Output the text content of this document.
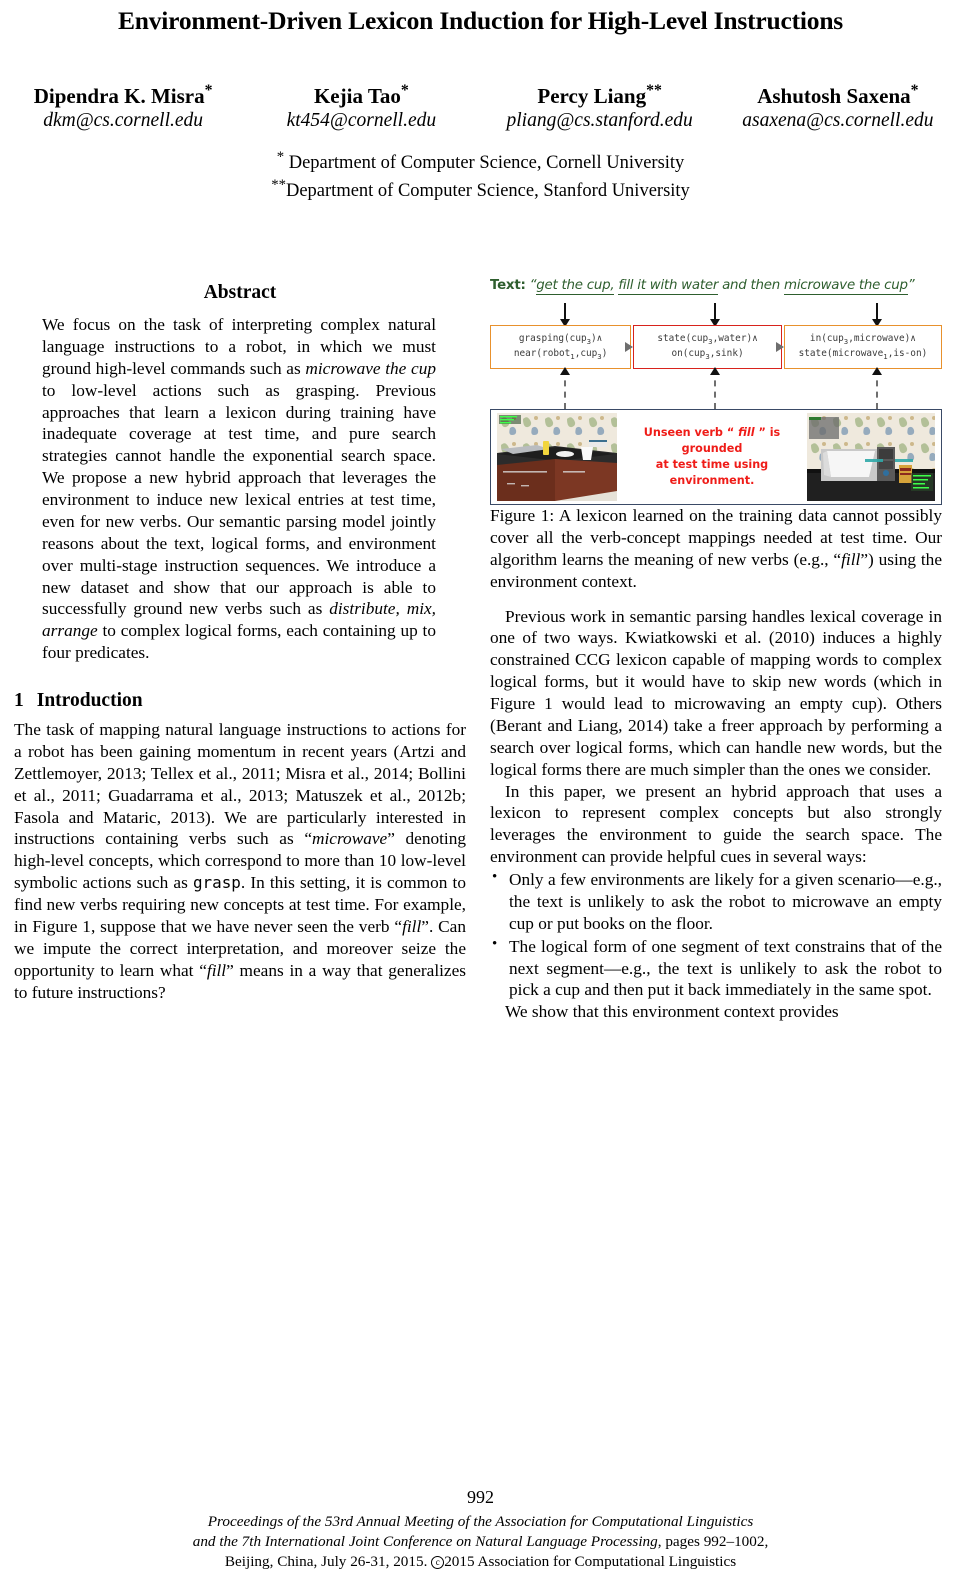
Environment-Driven Lexicon Induction for High-Level Instructions
Dipendra K. Misra*
dkm@cs.cornell.edu
Kejia Tao*
kt454@cornell.edu
Percy Liang**
pliang@cs.stanford.edu
Ashutosh Saxena*
asaxena@cs.cornell.edu
* Department of Computer Science, Cornell University
**Department of Computer Science, Stanford University
Abstract

We focus on the task of interpreting complex natural language instructions to a robot, in which we must ground high-level commands such as microwave the cup to low-level actions such as grasping. Previous approaches that learn a lexicon during training have inadequate coverage at test time, and pure search strategies cannot handle the exponential search space. We propose a new hybrid approach that leverages the environment to induce new lexical entries at test time, even for new verbs. Our semantic parsing model jointly reasons about the text, logical forms, and environment over multi-stage instruction sequences. We introduce a new dataset and show that our approach is able to successfully ground new verbs such as distribute, mix, arrange to complex logical forms, each containing up to four predicates.

1 Introduction

The task of mapping natural language instructions to actions for a robot has been gaining momentum in recent years (Artzi and Zettlemoyer, 2013; Tellex et al., 2011; Misra et al., 2014; Bollini et al., 2011; Guadarrama et al., 2013; Matuszek et al., 2012b; Fasola and Mataric, 2013). We are particularly interested in instructions containing verbs such as “microwave” denoting high-level concepts, which correspond to more than 10 low-level symbolic actions such as grasp. In this setting, it is common to find new verbs requiring new concepts at test time. For example, in Figure 1, suppose that we have never seen the verb “fill”. Can we impute the correct interpretation, and moreover seize the opportunity to learn what “fill” means in a way that generalizes to future instructions?

Text: “get the cup, fill it with water and then microwave the cup”
grasping(cup$_3$)∧
near(robot$_1$,cup$_3$)
state(cup$_3$,water)∧
on(cup$_3$,sink)
in(cup$_3$,microwave)∧
state(microwave$_1$,is-on)
Unseen verb “ fill ” is grounded
at test time using environment.

Figure 1: A lexicon learned on the training data cannot possibly cover all the verb-concept mappings needed at test time. Our algorithm learns the meaning of new verbs (e.g., “fill”) using the environment context.

Previous work in semantic parsing handles lexical coverage in one of two ways. Kwiatkowski et al. (2010) induces a highly constrained CCG lexicon capable of mapping words to complex logical forms, but it would have to skip new words (which in Figure 1 would lead to microwaving an empty cup). Others (Berant and Liang, 2014) take a freer approach by performing a search over logical forms, which can handle new words, but the logical forms there are much simpler than the ones we consider.

In this paper, we present an hybrid approach that uses a lexicon to represent complex concepts but also strongly leverages the environment to guide the search space. The environment can provide helpful cues in several ways:

• Only a few environments are likely for a given scenario—e.g., the text is unlikely to ask the robot to microwave an empty cup or put books on the floor.
• The logical form of one segment of text constrains that of the next segment—e.g., the text is unlikely to ask the robot to pick a cup and then put it back immediately in the same spot.

We show that this environment context provides

992
Proceedings of the 53rd Annual Meeting of the Association for Computational Linguistics
and the 7th International Joint Conference on Natural Language Processing, pages 992–1002,
Beijing, China, July 26-31, 2015. c 2015 Association for Computational Linguistics
